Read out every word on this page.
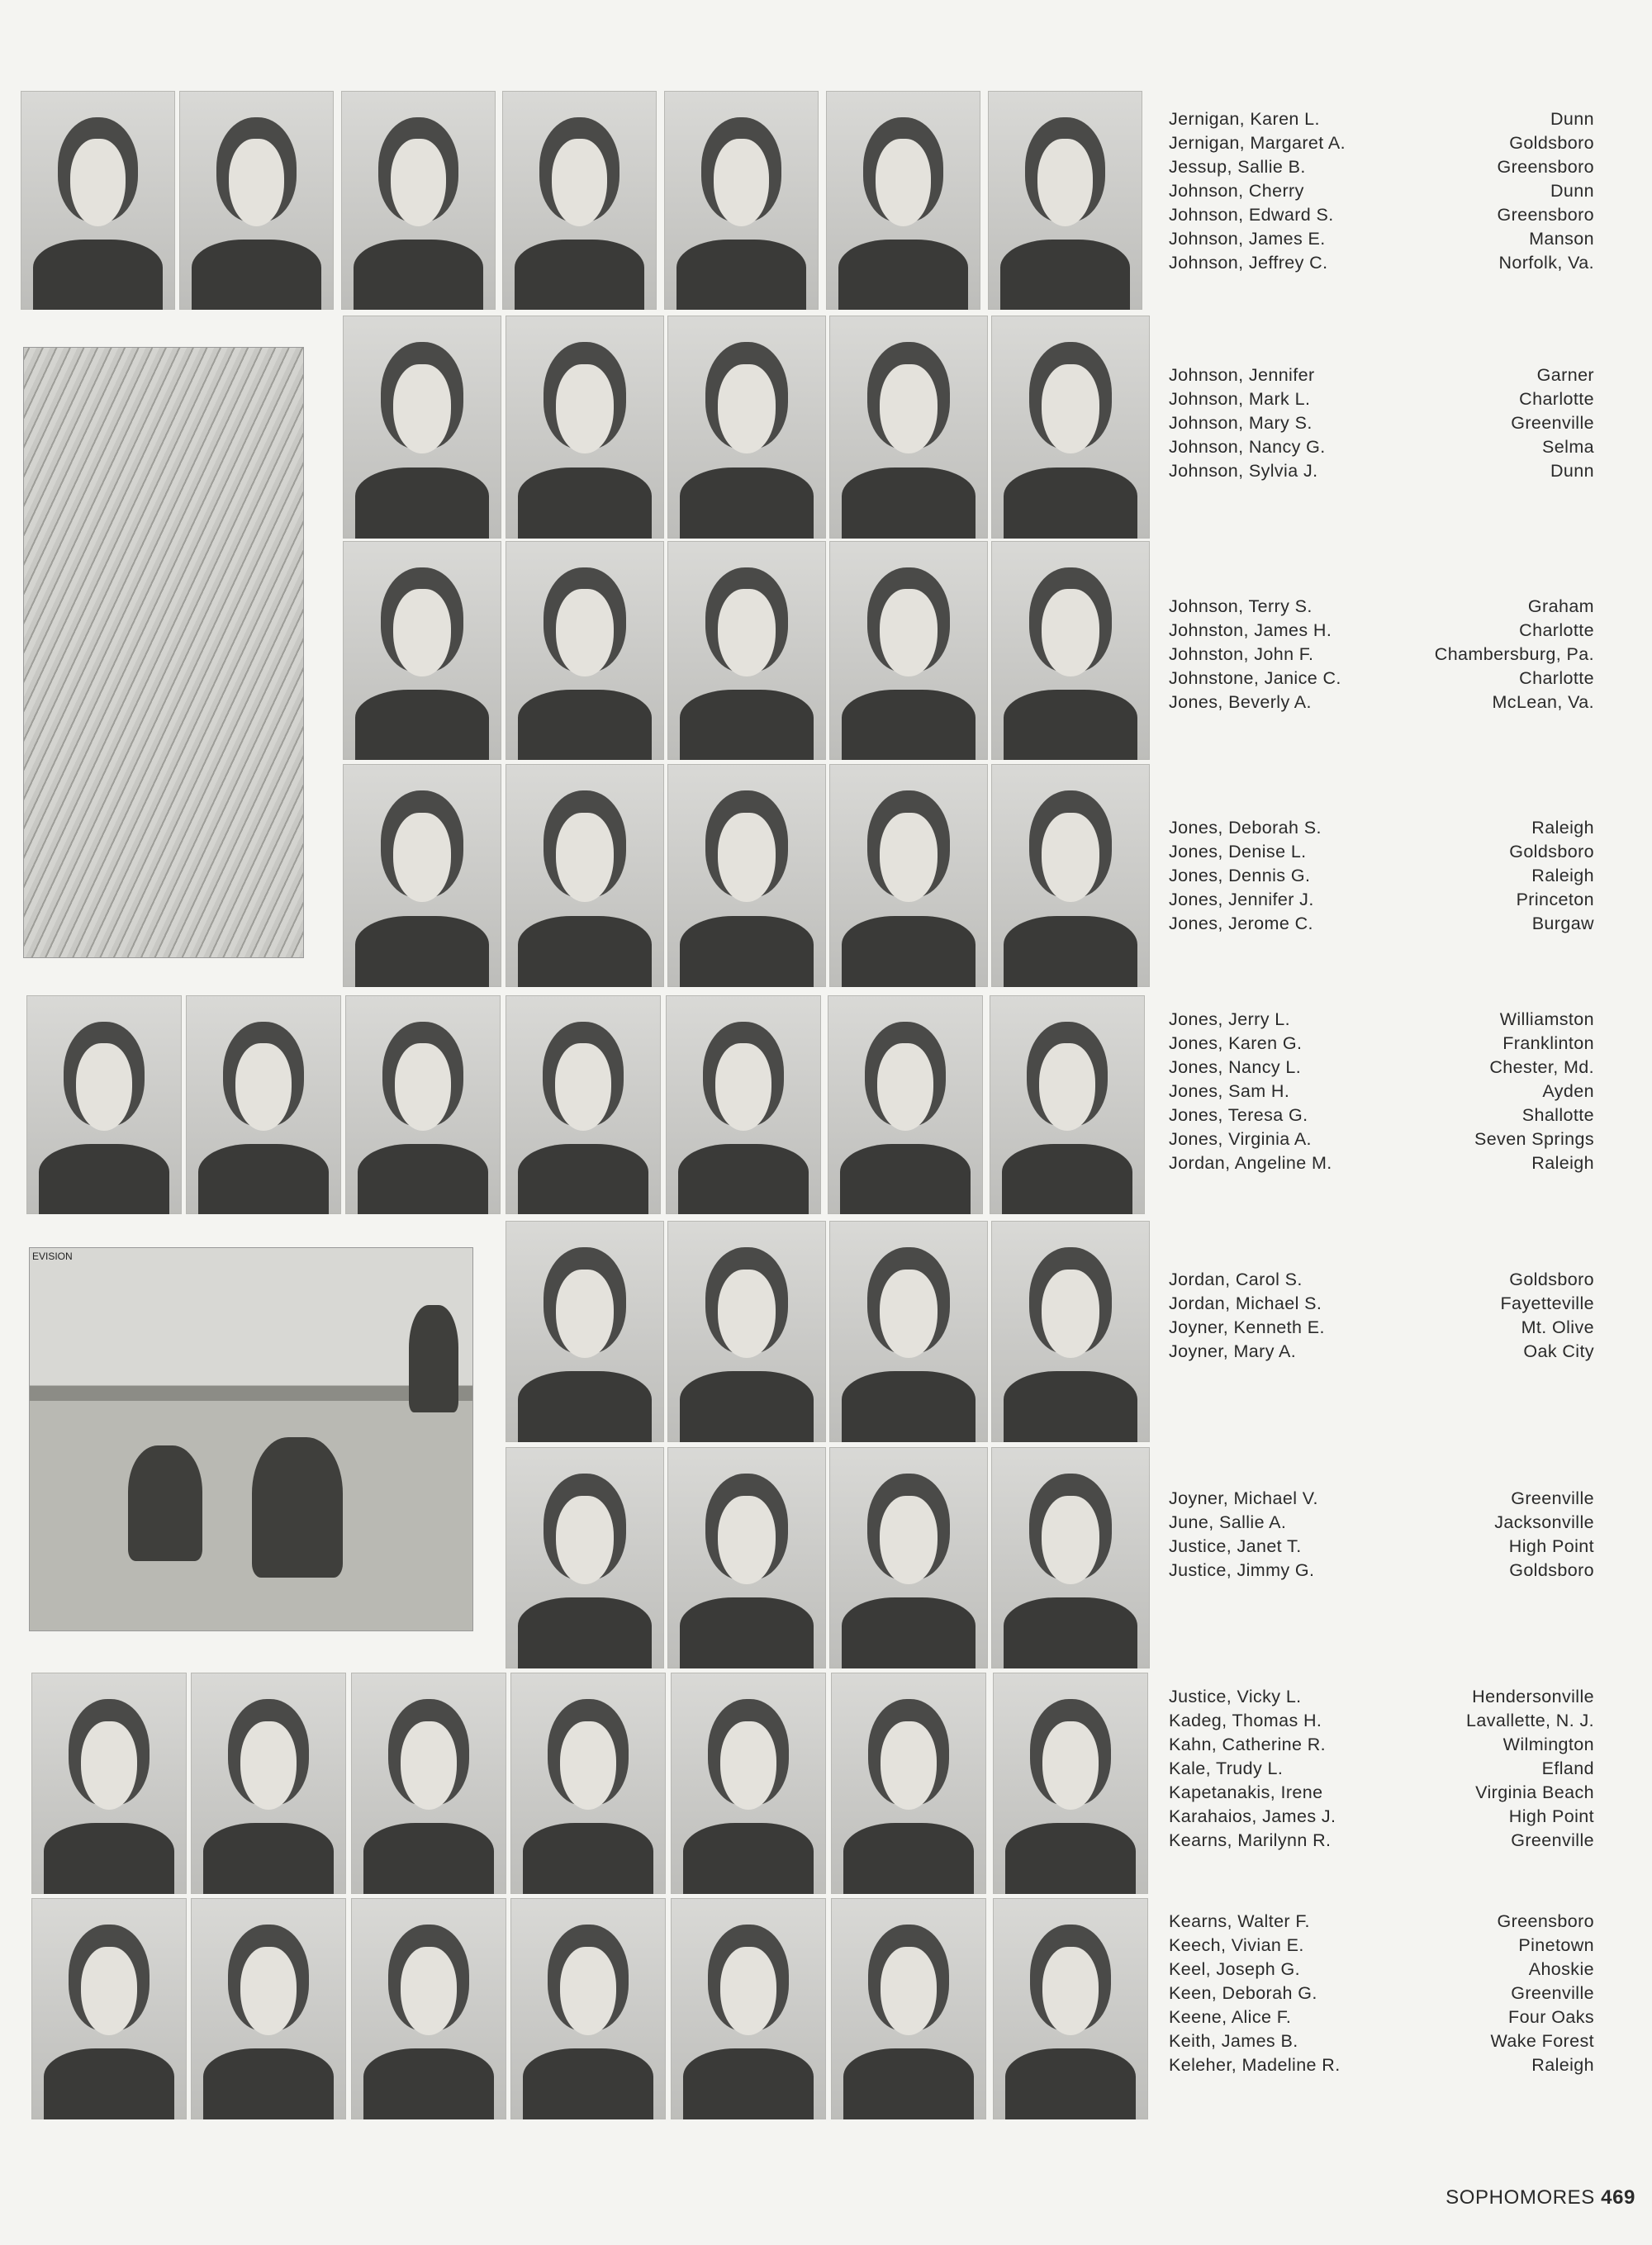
EVISION
Jernigan, Karen L.
Jernigan, Margaret A.
Jessup, Sallie B.
Johnson, Cherry
Johnson, Edward S.
Johnson, James E.
Johnson, Jeffrey C.
Dunn
Goldsboro
Greensboro
Dunn
Greensboro
Manson
Norfolk, Va.
Johnson, Jennifer
Johnson, Mark L.
Johnson, Mary S.
Johnson, Nancy G.
Johnson, Sylvia J.
Garner
Charlotte
Greenville
Selma
Dunn
Johnson, Terry S.
Johnston, James H.
Johnston, John F.
Johnstone, Janice C.
Jones, Beverly A.
Graham
Charlotte
Chambersburg, Pa.
Charlotte
McLean, Va.
Jones, Deborah S.
Jones, Denise L.
Jones, Dennis G.
Jones, Jennifer J.
Jones, Jerome C.
Raleigh
Goldsboro
Raleigh
Princeton
Burgaw
Jones, Jerry L.
Jones, Karen G.
Jones, Nancy L.
Jones, Sam H.
Jones, Teresa G.
Jones, Virginia A.
Jordan, Angeline M.
Williamston
Franklinton
Chester, Md.
Ayden
Shallotte
Seven Springs
Raleigh
Jordan, Carol S.
Jordan, Michael S.
Joyner, Kenneth E.
Joyner, Mary A.
Goldsboro
Fayetteville
Mt. Olive
Oak City
Joyner, Michael V.
June, Sallie A.
Justice, Janet T.
Justice, Jimmy G.
Greenville
Jacksonville
High Point
Goldsboro
Justice, Vicky L.
Kadeg, Thomas H.
Kahn, Catherine R.
Kale, Trudy L.
Kapetanakis, Irene
Karahaios, James J.
Kearns, Marilynn R.
Hendersonville
Lavallette, N. J.
Wilmington
Efland
Virginia Beach
High Point
Greenville
Kearns, Walter F.
Keech, Vivian E.
Keel, Joseph G.
Keen, Deborah G.
Keene, Alice F.
Keith, James B.
Keleher, Madeline R.
Greensboro
Pinetown
Ahoskie
Greenville
Four Oaks
Wake Forest
Raleigh
SOPHOMORES 469
